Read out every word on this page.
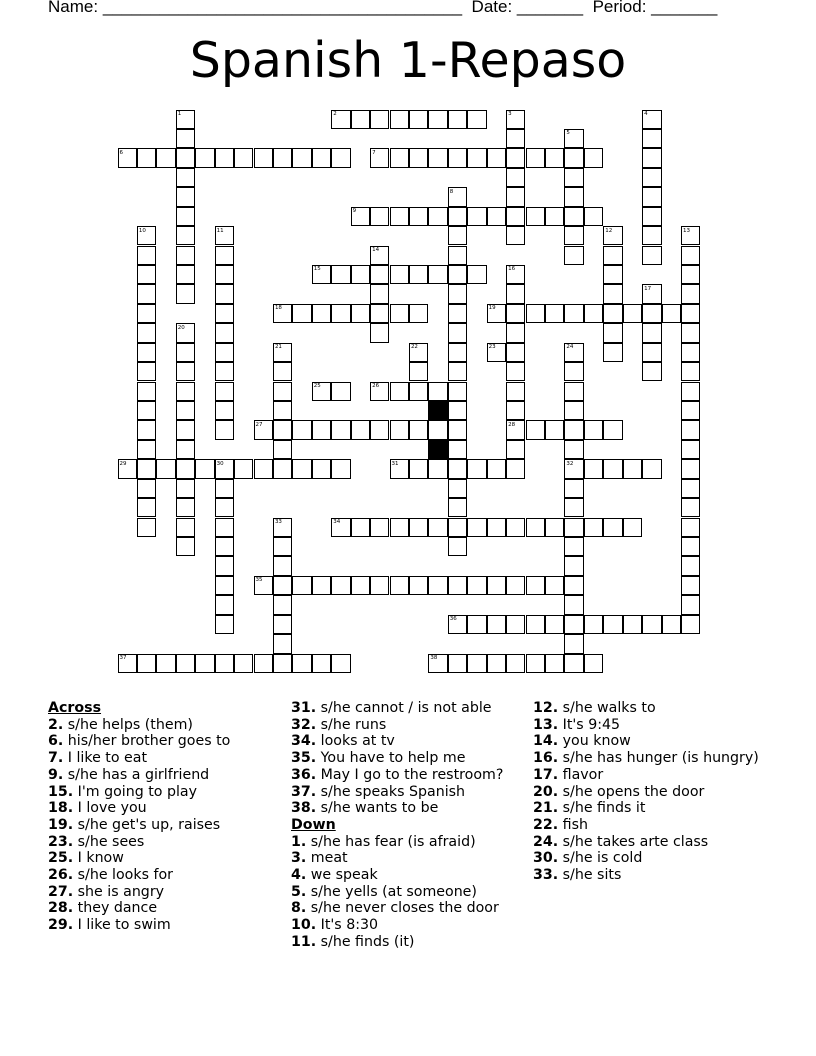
Name: ______________________________________ Date: _______ Period: _______
Spanish 1-Repaso
1	2	3	4
5
6	7
8
9
10	11	12	13
14
15	16
17
18	19
20
21	22	23	24
25	26
27	28
29	30	31	32
33	34
35
36
37	38
Across
2. s/he helps (them)
6. his/her brother goes to
7. I like to eat
9. s/he has a girlfriend
15. I'm going to play
18. I love you
19. s/he get's up, raises
23. s/he sees
25. I know
26. s/he looks for
27. she is angry
28. they dance
29. I like to swim
31. s/he cannot / is not able
32. s/he runs
34. looks at tv
35. You have to help me
36. May I go to the restroom?
37. s/he speaks Spanish
38. s/he wants to be
Down
1. s/he has fear (is afraid)
3. meat
4. we speak
5. s/he yells (at someone)
8. s/he never closes the door
10. It's 8:30
11. s/he finds (it)
12. s/he walks to
13. It's 9:45
14. you know
16. s/he has hunger (is hungry)
17. flavor
20. s/he opens the door
21. s/he finds it
22. fish
24. s/he takes arte class
30. s/he is cold
33. s/he sits
